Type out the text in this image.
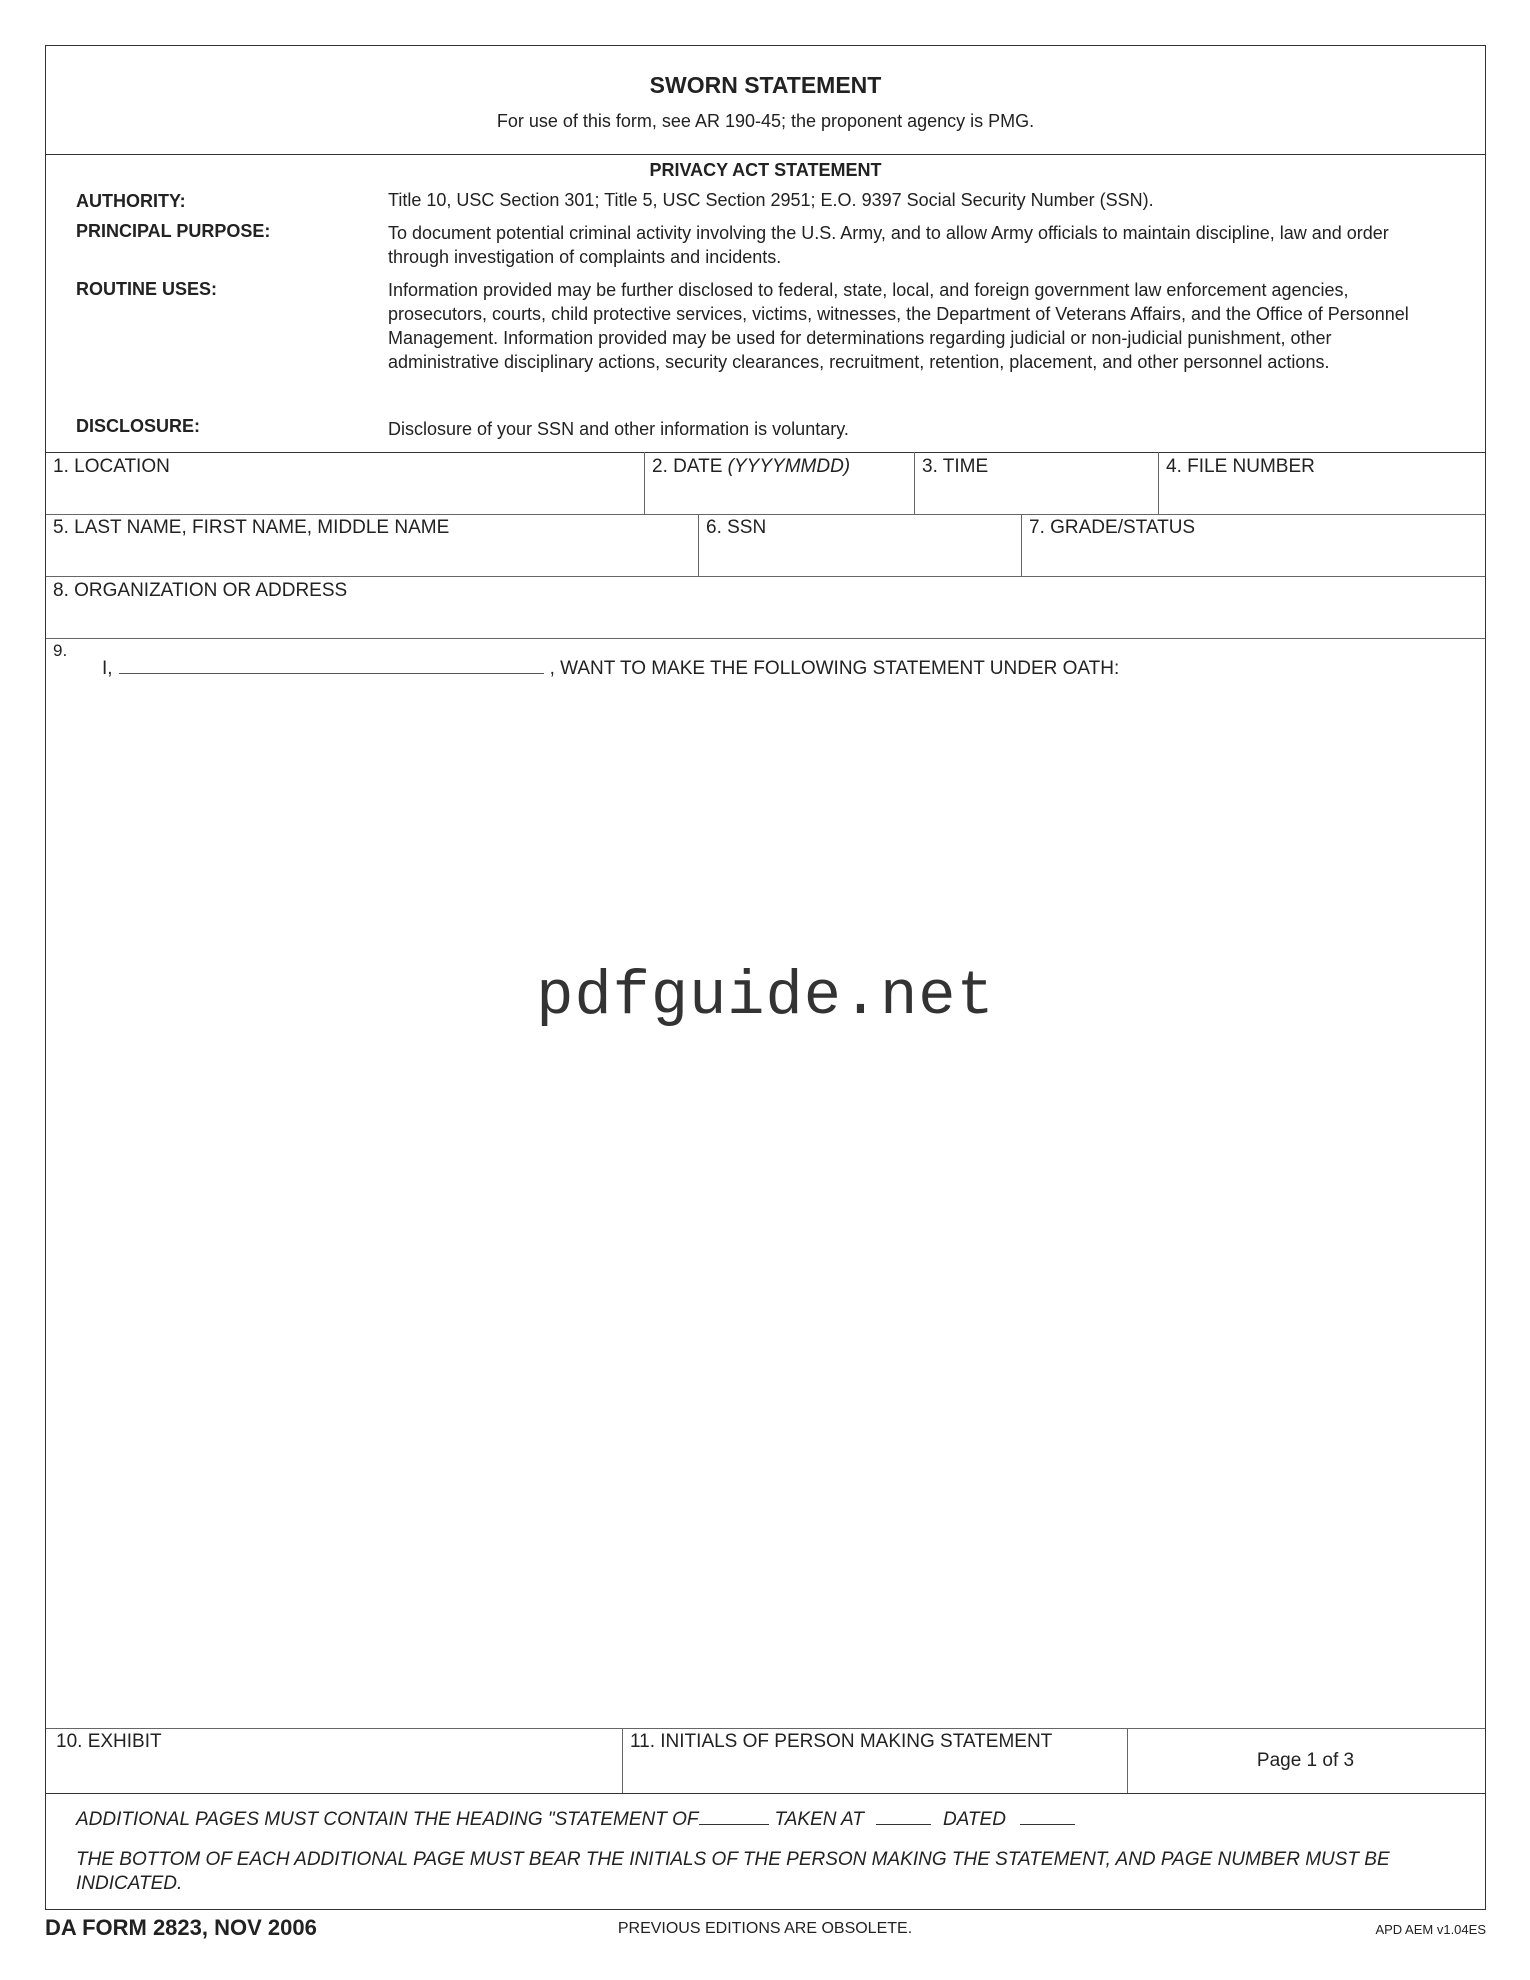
SWORN STATEMENT
For use of this form, see AR 190-45; the proponent agency is PMG.
PRIVACY ACT STATEMENT
AUTHORITY:	Title 10, USC Section 301; Title 5, USC Section 2951; E.O. 9397 Social Security Number (SSN).
PRINCIPAL PURPOSE:	To document potential criminal activity involving the U.S. Army, and to allow Army officials to maintain discipline, law and order through investigation of complaints and incidents.
ROUTINE USES:	Information provided may be further disclosed to federal, state, local, and foreign government law enforcement agencies, prosecutors, courts, child protective services, victims, witnesses, the Department of Veterans Affairs, and the Office of Personnel Management. Information provided may be used for determinations regarding judicial or non-judicial punishment, other administrative disciplinary actions, security clearances, recruitment, retention, placement, and other personnel actions.
DISCLOSURE:	Disclosure of your SSN and other information is voluntary.
1. LOCATION	2. DATE (YYYYMMDD)	3. TIME	4. FILE NUMBER
5. LAST NAME, FIRST NAME, MIDDLE NAME	6. SSN	7. GRADE/STATUS
8. ORGANIZATION OR ADDRESS
9.
I,	, WANT TO MAKE THE FOLLOWING STATEMENT UNDER OATH:
pdfguide.net
10. EXHIBIT	11. INITIALS OF PERSON MAKING STATEMENT
Page 1 of 3
ADDITIONAL PAGES MUST CONTAIN THE HEADING "STATEMENT OF	TAKEN AT	DATED
THE BOTTOM OF EACH ADDITIONAL PAGE MUST BEAR THE INITIALS OF THE PERSON MAKING THE STATEMENT, AND PAGE NUMBER MUST BE INDICATED.
DA FORM 2823, NOV 2006	PREVIOUS EDITIONS ARE OBSOLETE.	APD AEM v1.04ES
